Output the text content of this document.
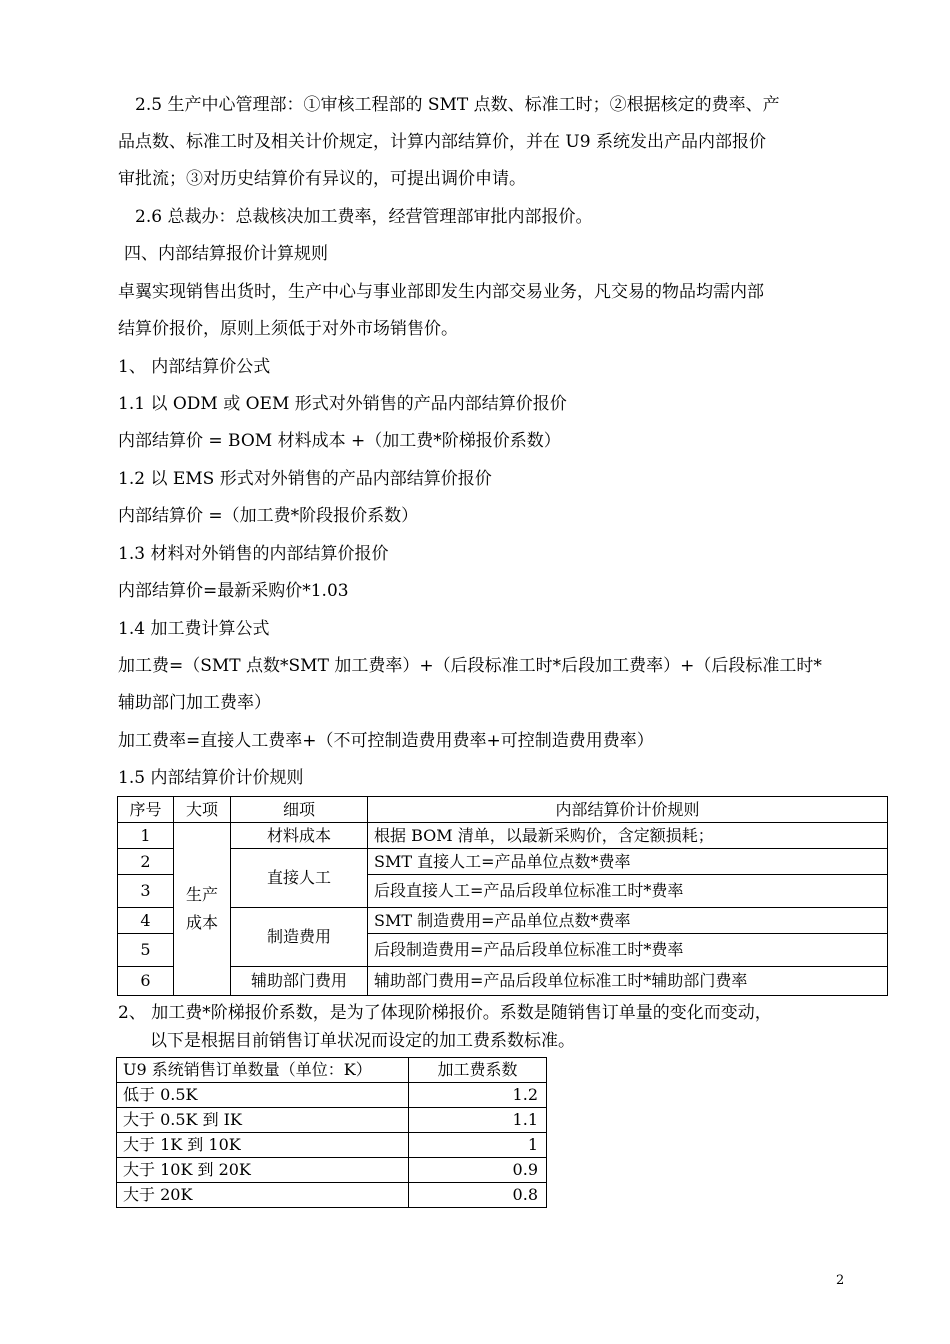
2.5 生产中心管理部：①审核工程部的 SMT 点数、标准工时；②根据核定的费率、产
品点数、标准工时及相关计价规定，计算内部结算价，并在 U9 系统发出产品内部报价
审批流；③对历史结算价有异议的，可提出调价申请。
2.6 总裁办：总裁核决加工费率，经营管理部审批内部报价。
四、内部结算报价计算规则
卓翼实现销售出货时，生产中心与事业部即发生内部交易业务，凡交易的物品均需内部
结算价报价，原则上须低于对外市场销售价。
1、 内部结算价公式
1.1 以 ODM 或 OEM 形式对外销售的产品内部结算价报价
内部结算价 = BOM 材料成本 +（加工费*阶梯报价系数）
1.2 以 EMS 形式对外销售的产品内部结算价报价
内部结算价 =（加工费*阶段报价系数）
1.3 材料对外销售的内部结算价报价
内部结算价=最新采购价*1.03
1.4 加工费计算公式
加工费=（SMT 点数*SMT 加工费率）+（后段标准工时*后段加工费率）+（后段标准工时*
辅助部门加工费率）
加工费率=直接人工费率+（不可控制造费用费率+可控制造费用费率）
1.5 内部结算价计价规则
序号	大项	细项	内部结算价计价规则
1	生产成本	材料成本	根据 BOM 清单，以最新采购价，含定额损耗；
2		直接人工	SMT 直接人工=产品单位点数*费率
3			后段直接人工=产品后段单位标准工时*费率
4		制造费用	SMT 制造费用=产品单位点数*费率
5			后段制造费用=产品后段单位标准工时*费率
6		辅助部门费用	辅助部门费用=产品后段单位标准工时*辅助部门费率
2、 加工费*阶梯报价系数，是为了体现阶梯报价。系数是随销售订单量的变化而变动，
以下是根据目前销售订单状况而设定的加工费系数标准。
U9 系统销售订单数量（单位：K）	加工费系数
低于 0.5K	1.2
大于 0.5K 到 IK	1.1
大于 1K 到 10K	1
大于 10K 到 20K	0.9
大于 20K	0.8
2
